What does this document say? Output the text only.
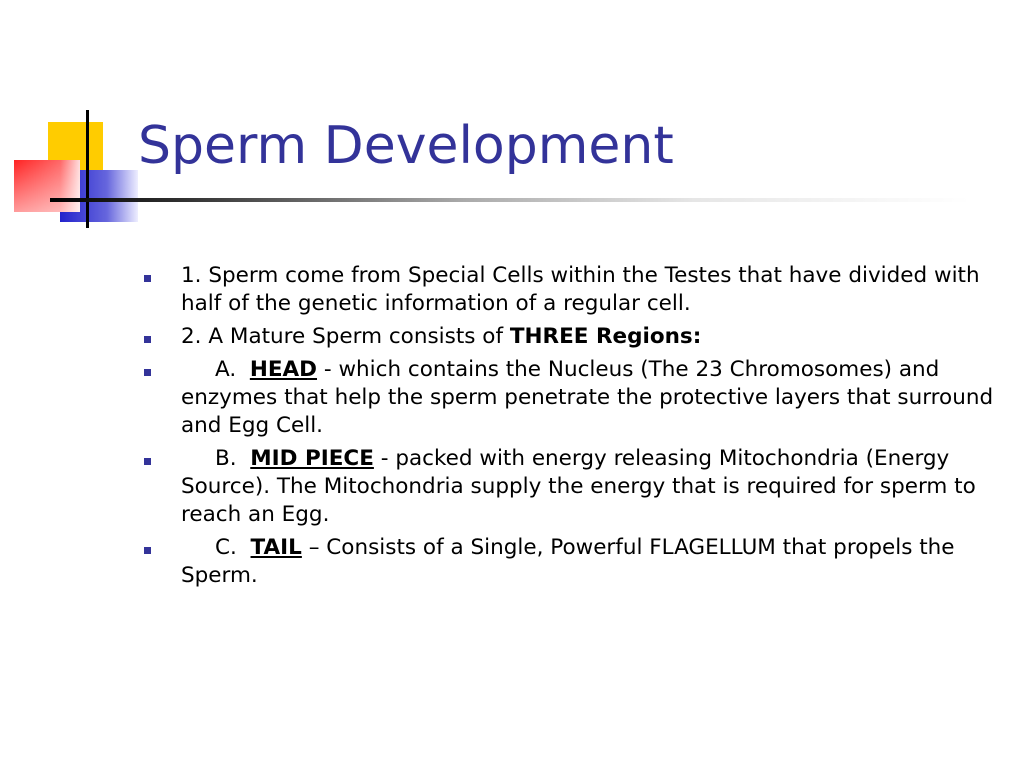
Sperm Development
1. Sperm come from Special Cells within the Testes that have divided with half of the genetic information of a regular cell.
2. A Mature Sperm consists of THREE Regions:
A. HEAD - which contains the Nucleus (The 23 Chromosomes) and enzymes that help the sperm penetrate the protective layers that surround and Egg Cell.
B. MID PIECE - packed with energy releasing Mitochondria (Energy Source). The Mitochondria supply the energy that is required for sperm to reach an Egg.
C. TAIL – Consists of a Single, Powerful FLAGELLUM that propels the Sperm.
